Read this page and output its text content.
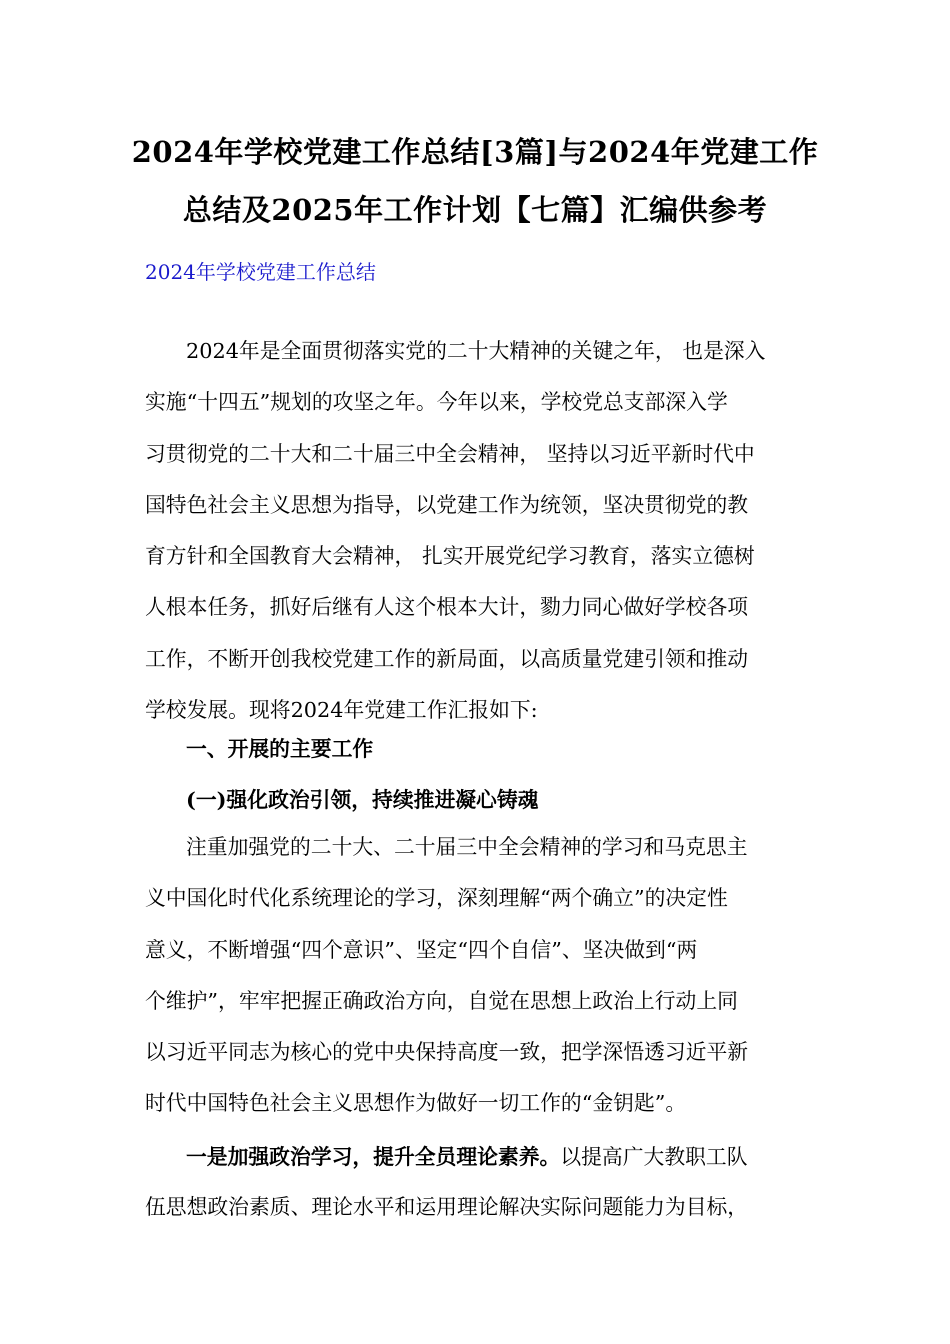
2024年学校党建工作总结[3篇]与2024年党建工作
总结及2025年工作计划【七篇】汇编供参考
2024年学校党建工作总结
2024年是全面贯彻落实党的二十大精神的关键之年， 也是深入
实施“十四五”规划的攻坚之年。今年以来，学校党总支部深入学
习贯彻党的二十大和二十届三中全会精神， 坚持以习近平新时代中
国特色社会主义思想为指导，以党建工作为统领，坚决贯彻党的教
育方针和全国教育大会精神， 扎实开展党纪学习教育，落实立德树
人根本任务，抓好后继有人这个根本大计，勠力同心做好学校各项
工作，不断开创我校党建工作的新局面，以高质量党建引领和推动
学校发展。现将2024年党建工作汇报如下:
一、开展的主要工作
(一)强化政治引领，持续推进凝心铸魂
注重加强党的二十大、二十届三中全会精神的学习和马克思主
义中国化时代化系统理论的学习，深刻理解“两个确立”的决定性
意义，不断增强“四个意识”、坚定“四个自信”、坚决做到“两
个维护”，牢牢把握正确政治方向，自觉在思想上政治上行动上同
以习近平同志为核心的党中央保持高度一致，把学深悟透习近平新
时代中国特色社会主义思想作为做好一切工作的“金钥匙”。
一是加强政治学习，提升全员理论素养。以提高广大教职工队
伍思想政治素质、理论水平和运用理论解决实际问题能力为目标，
